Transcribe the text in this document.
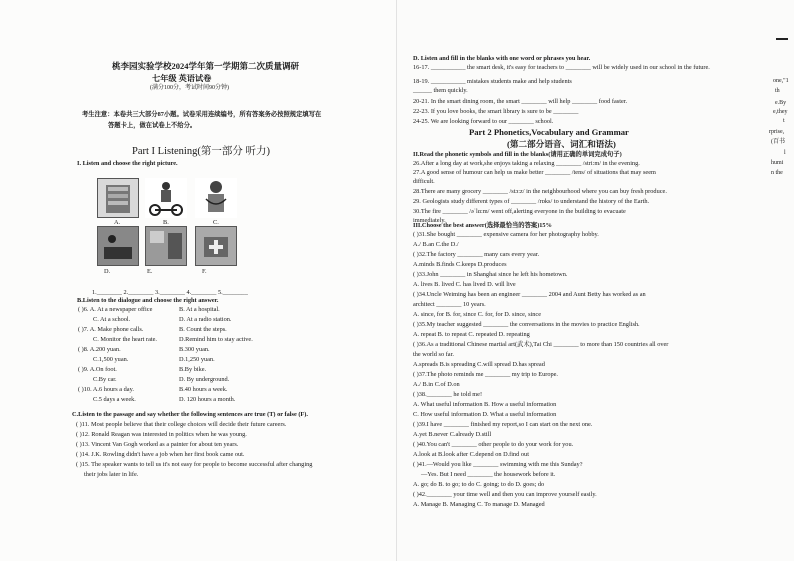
桃李园实验学校2024学年第一学期第二次质量调研
七年级 英语试卷
(满分100分，考试时间90分钟)
考生注意：本卷共三大部分87小题。试卷采用连续编号，所有答案务必按照规定填写在
答题卡上，做在试卷上不给分。
Part I Listening(第一部分 听力)
I. Listen and choose the right picture.
A.	B.	C.
D.	E.	F.
1.________ 2.________ 3.________ 4.________ 5.________
B.Listen to the dialogue and choose the right answer.
( )6. A. At a newspaper office	B. At a hospital.
C. At a school.	D. At a radio station.
( )7. A. Make phone calls.	B. Count the steps.
C. Monitor the heart rate.	D.Remind him to stay active.
( )8. A.200 yuan.	B.300 yuan.
C.1,500 yuan.	D.1,250 yuan.
( )9. A.On foot.	B.By bike.
C.By car.	D. By underground.
( )10. A.6 hours a day.	B.40 hours a week.
C.5 days a week.	D. 120 hours a month.
C.Listen to the passage and say whether the following sentences are true (T) or false (F).
( )11. Most people believe that their college choices will decide their future careers.
( )12. Ronald Reagan was interested in politics when he was young.
( )13. Vincent Van Gogh worked as a painter for about ten years.
( )14. J.K. Rowling didn't have a job when her first book came out.
( )15. The speaker wants to tell us it's not easy for people to become successful after changing
their jobs later in life.
D. Listen and fill in the blanks with one word or phrases you hear.
16-17. ___________ the smart desk, it's easy for teachers to ________ will be widely used in our school in the future.
18-19. ___________ mistakes students make and help students
______ them quickly.
20-21. In the smart dining room, the smart ________ will help ________ food faster.
22-23. If you love books, the smart library is sure to be ________
24-25. We are looking forward to our ________ school.
Part 2 Phonetics,Vocabulary and Grammar
(第二部分语音、词汇和语法)
II.Read the phonetic symbols and fill in the blanks(请用正确的单词完成句子)
26.After a long day at work,she enjoys taking a relaxing ________ /stri:m/ in the evening.
27.A good sense of humour can help us make better ________ /tens/ of situations that may seem
difficult.
28.There are many grocery ________ /stɔ:z/ in the neighbourhood where you can buy fresh produce.
29. Geologists study different types of ________ /rɒks/ to understand the history of the Earth.
30.The fire ________ /əˈlɑ:m/ went off,alerting everyone in the building to evacuate
immediately.
III.Choose the best answer(选择最恰当的答案)15%
( )31.She bought ________ expensive camera for her photography hobby.
A./ B.an C.the D./
( )32.The factory ________ many cars every year.
A.minds B.finds C.keeps D.produces
( )33.John ________ in Shanghai since he left his hometown.
A. lives B. lived C. has lived D. will live
( )34.Uncle Weiming has been an engineer ________ 2004 and Aunt Betty has worked as an
architect ________ 10 years.
A. since, for B. for, since C. for, for D. since, since
( )35.My teacher suggested ________ the conversations in the movies to practice English.
A. repeat B. to repeat C. repeated D. repeating
( )36.As a traditional Chinese martial art(武术),Tai Chi ________ to more than 150 countries all over
the world so far.
A.spreads B.is spreading C.will spread D.has spread
( )37.The photo reminds me ________ my trip to Europe.
A./ B.in C.of D.on
( )38.________ he told me!
A. What useful information B. How a useful information
C. How useful information D. What a useful information
( )39.I have ________ finished my report,so I can start on the next one.
A.yet B.never C.already D.still
( )40.You can't ________ other people to do your work for you.
A.look at B.look after C.depend on D.find out
( )41.—Would you like ________ swimming with me this Sunday?
—Yes. But I need ________ the housework before it.
A. go; do B. to go; to do C. going; to do D. goes; do
( )42.________ your time well and then you can improve yourself easily.
A. Manage B. Managing C. To manage D. Managed
one,"1
th
e.By
e,they
t
rprise,
(百书
l
humi
n the
